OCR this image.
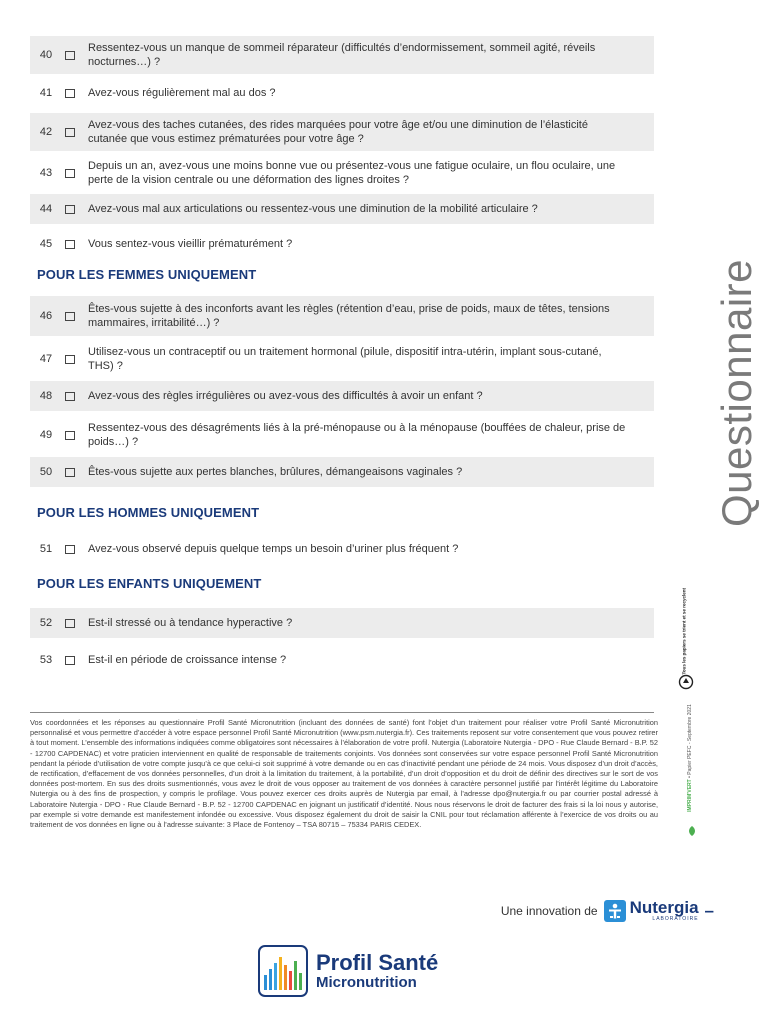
40
Ressentez-vous un manque de sommeil réparateur (difficultés d’endormissement, sommeil agité, réveils nocturnes…) ?
41	Avez-vous régulièrement mal au dos ?
42
Avez-vous des taches cutanées, des rides marquées pour votre âge et/ou une diminution de l’élasticité cutanée que vous estimez prématurées pour votre âge ?
43
Depuis un an, avez-vous une moins bonne vue ou présentez-vous une fatigue oculaire, un flou oculaire, une perte de la vision centrale ou une déformation des lignes droites ?
44	Avez-vous mal aux articulations ou ressentez-vous une diminution de la mobilité articulaire ?
45	Vous sentez-vous vieillir prématurément ?
POUR LES FEMMES UNIQUEMENT
46
Êtes-vous sujette à des inconforts avant les règles (rétention d’eau, prise de poids, maux de têtes, tensions mammaires, irritabilité…) ?
47
Utilisez-vous un contraceptif ou un traitement hormonal (pilule, dispositif intra-utérin, implant sous-cutané, THS) ?
48	Avez-vous des règles irrégulières ou avez-vous des difficultés à avoir un enfant ?
49
Ressentez-vous des désagréments liés à la pré-ménopause ou à la ménopause (bouffées de chaleur, prise de poids…) ?
50	Êtes-vous sujette aux pertes blanches, brûlures, démangeaisons vaginales ?
POUR LES HOMMES UNIQUEMENT
51	Avez-vous observé depuis quelque temps un besoin d’uriner plus fréquent ?
POUR LES ENFANTS UNIQUEMENT
52	Est-il stressé ou à tendance hyperactive ?
53	Est-il en période de croissance intense ?
Questionnaire
Tous les papiers se trient et se recyclent
IMPRIM'VERT • Papier PEFC - Septembre 2021
Vos coordonnées et les réponses au questionnaire Profil Santé Micronutrition (incluant des données de santé) font l’objet d’un traitement pour réaliser votre Profil Santé Micronutrition personnalisé et vous permettre d’accéder à votre espace personnel Profil Santé Micronutrition (www.psm.nutergia.fr). Ces traitements reposent sur votre consentement que vous pouvez retirer à tout moment. L’ensemble des informations indiquées comme obligatoires sont nécessaires à l’élaboration de votre profil. Nutergia (Laboratoire Nutergia - DPO - Rue Claude Bernard - B.P. 52 - 12700 CAPDENAC) et votre praticien interviennent en qualité de responsable de traitements conjoints. Vos données sont conservées sur votre espace personnel Profil Santé Micronutrition pendant la période d’utilisation de votre compte jusqu’à ce que celui-ci soit supprimé à votre demande ou en cas d’inactivité pendant une période de 24 mois. Vous disposez d’un droit d’accès, de rectification, d’effacement de vos données personnelles, d’un droit à la limitation du traitement, à la portabilité, d’un droit d’opposition et du droit de définir des directives sur le sort de vos données post-mortem. En sus des droits susmentionnés, vous avez le droit de vous opposer au traitement de vos données à caractère personnel justifié par l’intérêt légitime du Laboratoire Nutergia ou à des fins de prospection, y compris le profilage. Vous pouvez exercer ces droits auprès de Nutergia par email, à l’adresse dpo@nutergia.fr ou par courrier postal adressé à Laboratoire Nutergia - DPO - Rue Claude Bernard - B.P. 52 - 12700 CAPDENAC en joignant un justificatif d’identité. Nous nous réservons le droit de facturer des frais si la loi nous y autorise, par exemple si votre demande est manifestement infondée ou excessive. Vous disposez également du droit de saisir la CNIL pour tout réclamation afférente à l’exercice de vos droits ou au traitement de vos données en ligne ou à l’adresse suivante: 3 Place de Fontenoy – TSA 80715 – 75334 PARIS CEDEX.
Une innovation de Nutergia
LABORATOIRE –
Profil Santé
Micronutrition
